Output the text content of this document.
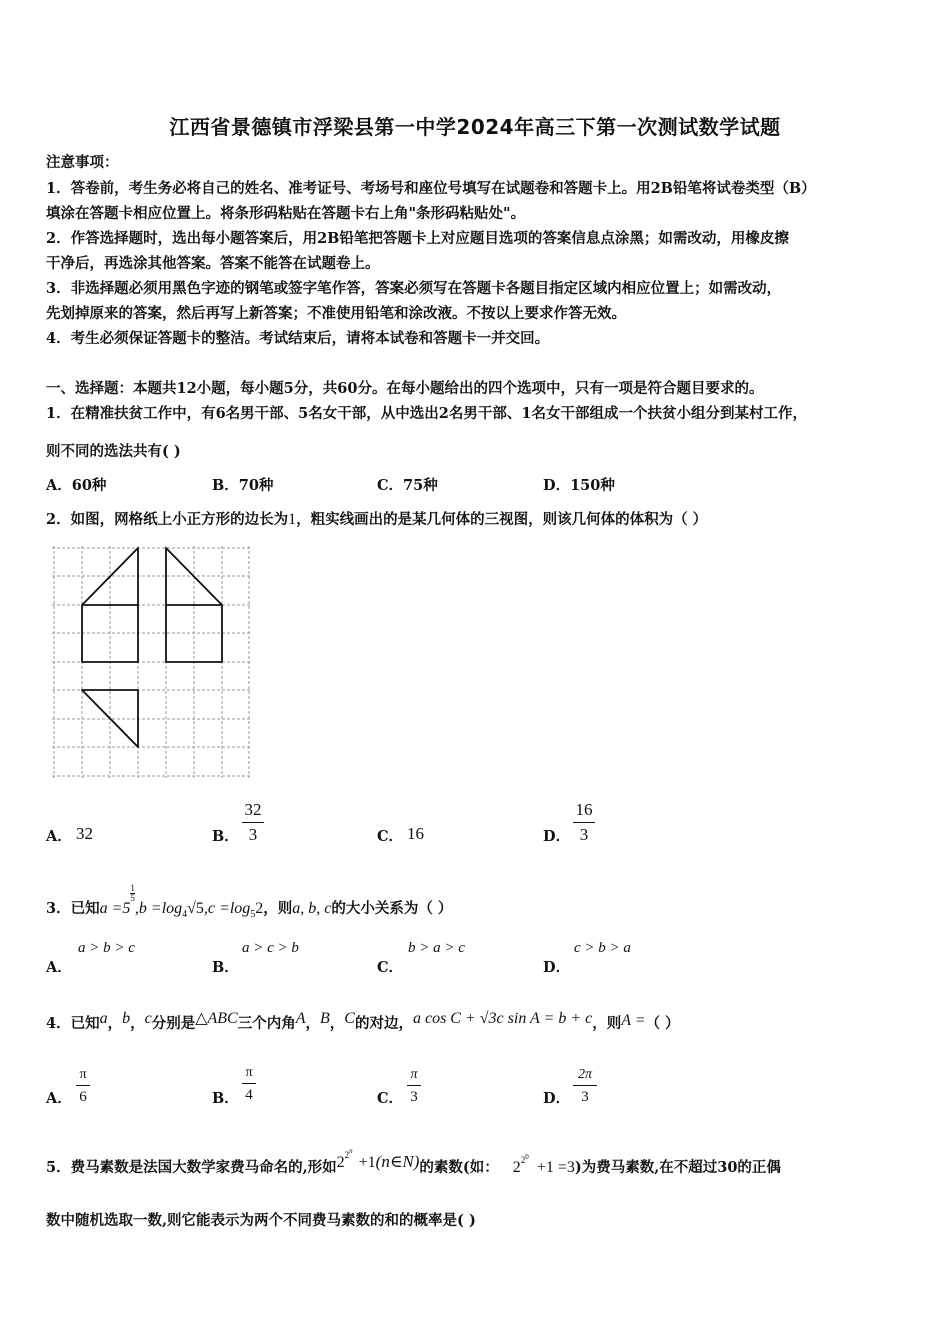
江西省景德镇市浮梁县第一中学2024年高三下第一次测试数学试题
注意事项：
1．答卷前，考生务必将自己的姓名、准考证号、考场号和座位号填写在试题卷和答题卡上。用2B铅笔将试卷类型（B）
填涂在答题卡相应位置上。将条形码粘贴在答题卡右上角"条形码粘贴处"。
2．作答选择题时，选出每小题答案后，用2B铅笔把答题卡上对应题目选项的答案信息点涂黑；如需改动，用橡皮擦
干净后，再选涂其他答案。答案不能答在试题卷上。
3．非选择题必须用黑色字迹的钢笔或签字笔作答，答案必须写在答题卡各题目指定区域内相应位置上；如需改动，
先划掉原来的答案，然后再写上新答案；不准使用铅笔和涂改液。不按以上要求作答无效。
4．考生必须保证答题卡的整洁。考试结束后，请将本试卷和答题卡一并交回。
一、选择题：本题共12小题，每小题5分，共60分。在每小题给出的四个选项中，只有一项是符合题目要求的。
1．在精准扶贫工作中，有6名男干部、5名女干部，从中选出2名男干部、1名女干部组成一个扶贫小组分到某村工作，
则不同的选法共有( )
A．60种	B．70种	C．75种	D．150种
2．如图，网格纸上小正方形的边长为1，粗实线画出的是某几何体的三视图，则该几何体的体积为（ ）
A． 32	B．
32
3	C． 16	D．
16
3
3．已知a =5
$\frac{1}{5}$
$,b =\log_4√5,c =\log_52$，则a, b, c的大小关系为（ ）
A．
a > b > c
B．
a > c > b
C．
b > a > c
D．
c > b > a
4．已知a，b，c分别是△ABC三个内角A，B，C的对边，a cos C + √3c sin A = b + c，则A =（ ）
A．
π
6	B．
π
4	C．
π
3	D．
2π
3
5．费马素数是法国大数学家费马命名的,形如$2^{2n}+1(n\in N)$的素数(如： $2^{20}+1 =3$)为费马素数,在不超过30的正偶
数中随机选取一数,则它能表示为两个不同费马素数的和的概率是( )
